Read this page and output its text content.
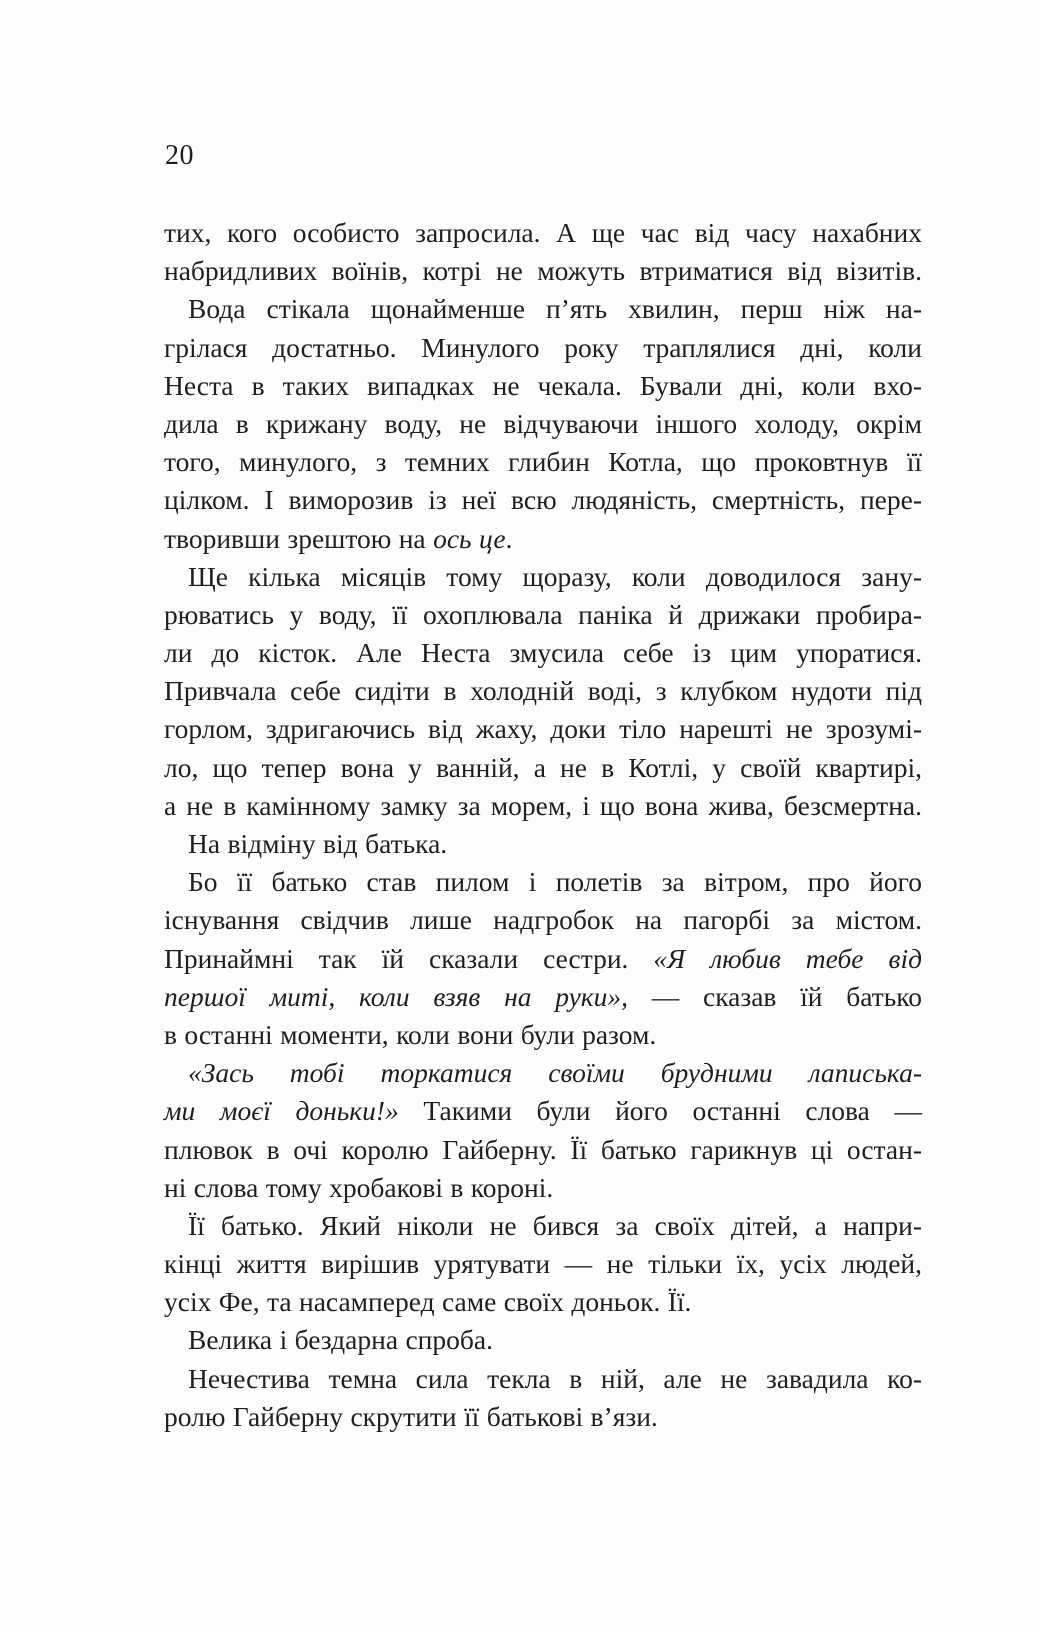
20
тих, кого особисто запросила. А ще час від часу нахабних
набридливих воїнів, котрі не можуть втриматися від візитів.
Вода стікала щонайменше п’ять хвилин, перш ніж на-
грілася достатньо. Минулого року траплялися дні, коли
Неста в таких випадках не чекала. Бували дні, коли вхо-
дила в крижану воду, не відчуваючи іншого холоду, окрім
того, минулого, з темних глибин Котла, що проковтнув її
цілком. І виморозив із неї всю людяність, смертність, пере-
творивши зрештою на ось це.
Ще кілька місяців тому щоразу, коли доводилося зану-
рюватись у воду, її охоплювала паніка й дрижаки пробира-
ли до кісток. Але Неста змусила себе із цим упоратися.
Привчала себе сидіти в холодній воді, з клубком нудоти під
горлом, здригаючись від жаху, доки тіло нарешті не зрозумі-
ло, що тепер вона у ванній, а не в Котлі, у своїй квартирі,
а не в камінному замку за морем, і що вона жива, безсмертна.
На відміну від батька.
Бо її батько став пилом і полетів за вітром, про його
існування свідчив лише надгробок на пагорбі за містом.
Принаймні так їй сказали сестри. «Я любив тебе від
першої миті, коли взяв на руки», — сказав їй батько
в останні моменти, коли вони були разом.
«Зась тобі торкатися своїми брудними лаписька-
ми моєї доньки!» Такими були його останні слова —
плювок в очі королю Гайберну. Її батько гарикнув ці остан-
ні слова тому хробакові в короні.
Її батько. Який ніколи не бився за своїх дітей, а напри-
кінці життя вирішив урятувати — не тільки їх, усіх людей,
усіх Фе, та насамперед саме своїх доньок. Її.
Велика і бездарна спроба.
Нечестива темна сила текла в ній, але не завадила ко-
ролю Гайберну скрутити її батькові в’язи.
